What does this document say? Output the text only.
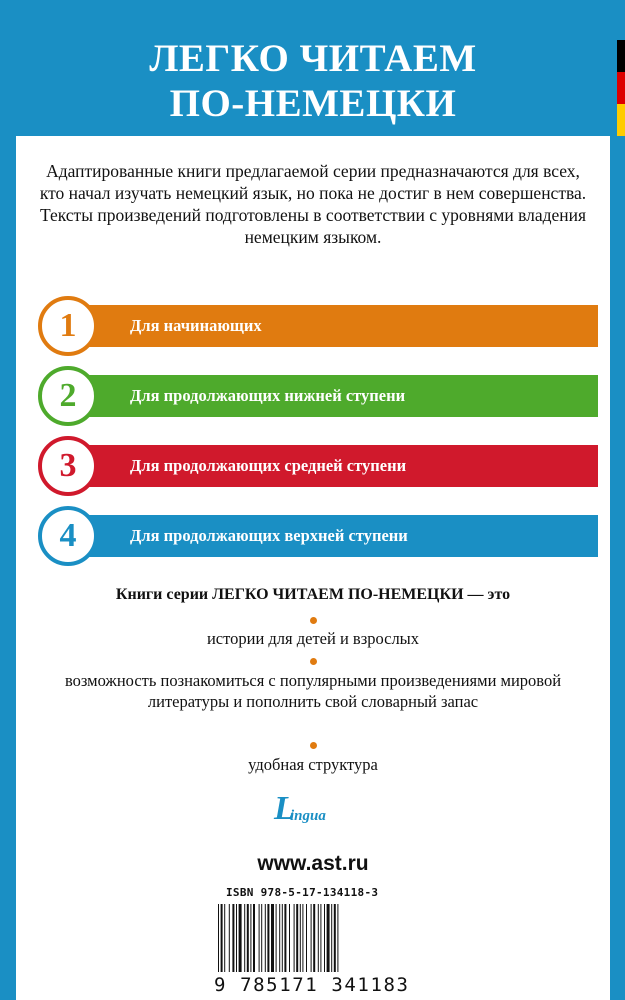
ЛЕГКО ЧИТАЕМ
ПО-НЕМЕЦКИ

Адаптированные книги предлагаемой серии предназначаются для всех, кто начал изучать немецкий язык, но пока не достиг в нем совершенства.

Тексты произведений подготовлены в соответствии с уровнями владения немецким языком.

Для начинающих
1
Для продолжающих нижней ступени
2
Для продолжающих средней ступени
3
Для продолжающих верхней ступени
4
Книги серии ЛЕГКО ЧИТАЕМ ПО-НЕМЕЦКИ — это
истории для детей и взрослых
возможность познакомиться с популярными произведениями мировой литературы и пополнить свой словарный запас
удобная структура
L
ingua
www.ast.ru
ISBN 978-5-17-134118-3
9 785171 341183
